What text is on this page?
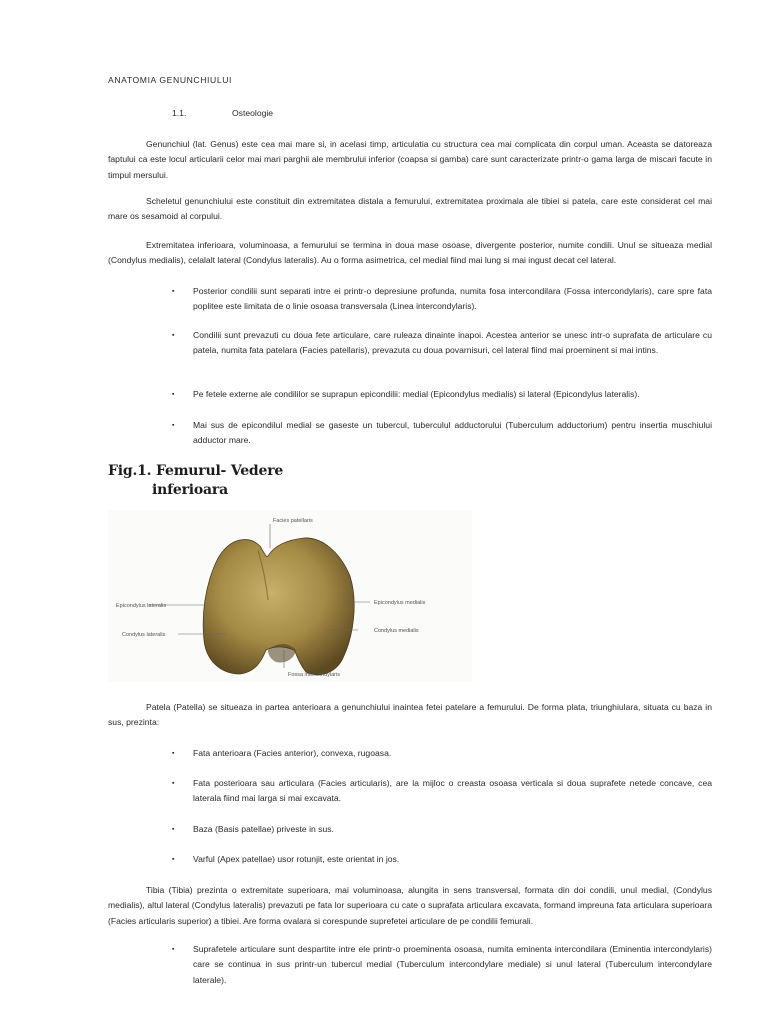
ANATOMIA GENUNCHIULUI
1.1.	Osteologie
Genunchiul (lat. Genus) este cea mai mare si, in acelasi timp, articulatia cu structura cea mai complicata din corpul uman. Aceasta se datoreaza faptului ca este locul articularii celor mai mari parghii ale membrului inferior (coapsa si gamba) care sunt caracterizate printr-o gama larga de miscari facute in timpul mersului.
Scheletul genunchiului este constituit din extremitatea distala a femurului, extremitatea proximala ale tibiei si patela, care este considerat cel mai mare os sesamoid al corpului.
Extremitatea inferioara, voluminoasa, a femurului se termina in doua mase osoase, divergente posterior, numite condili. Unul se situeaza medial (Condylus medialis), celalalt lateral (Condylus lateralis). Au o forma asimetrica, cel medial fiind mai lung si mai ingust decat cel lateral.
▪ Posterior condilii sunt separati intre ei printr-o depresiune profunda, numita fosa intercondilara (Fossa intercondylaris), care spre fata poplitee este limitata de o linie osoasa transversala (Linea intercondylaris).
▪ Condilii sunt prevazuti cu doua fete articulare, care ruleaza dinainte inapoi. Acestea anterior se unesc intr-o suprafata de articulare cu patela, numita fata patelara (Facies patellaris), prevazuta cu doua povarnisuri, cel lateral fiind mai proeminent si mai intins.
▪ Pe fetele externe ale condililor se suprapun epicondilii: medial (Epicondylus medialis) si lateral (Epicondylus lateralis).
▪ Mai sus de epicondilul medial se gaseste un tubercul, tuberculul adductorului (Tuberculum adductorium) pentru insertia muschiului adductor mare.
Fig.1. Femurul- Vedere
inferioara
Facies patellaris
Epicondylus lateralis
Condylus lateralis
Epicondylus medialis
Condylus medialis
Fossa intercondylaris
Patela (Patella) se situeaza in partea anterioara a genunchiului inaintea fetei patelare a femurului. De forma plata, triunghiulara, situata cu baza in sus, prezinta:
▪ Fata anterioara (Facies anterior), convexa, rugoasa.
▪ Fata posterioara sau articulara (Facies articularis), are la mijloc o creasta osoasa verticala si doua suprafete netede concave, cea laterala fiind mai larga si mai excavata.
▪ Baza (Basis patellae) priveste in sus.
▪ Varful (Apex patellae) usor rotunjit, este orientat in jos.
Tibia (Tibia) prezinta o extremitate superioara, mai voluminoasa, alungita in sens transversal, formata din doi condili, unul medial, (Condylus medialis), altul lateral (Condylus lateralis) prevazuti pe fata lor superioara cu cate o suprafata articulara excavata, formand impreuna fata articulara superioara (Facies articularis superior) a tibiei. Are forma ovalara si corespunde suprefetei articulare de pe condilii femurali.
▪ Suprafetele articulare sunt despartite intre ele printr-o proeminenta osoasa, numita eminenta intercondilara (Eminentia intercondylaris) care se continua in sus printr-un tubercul medial (Tuberculum intercondylare mediale) si unul lateral (Tuberculum intercondylare laterale).
